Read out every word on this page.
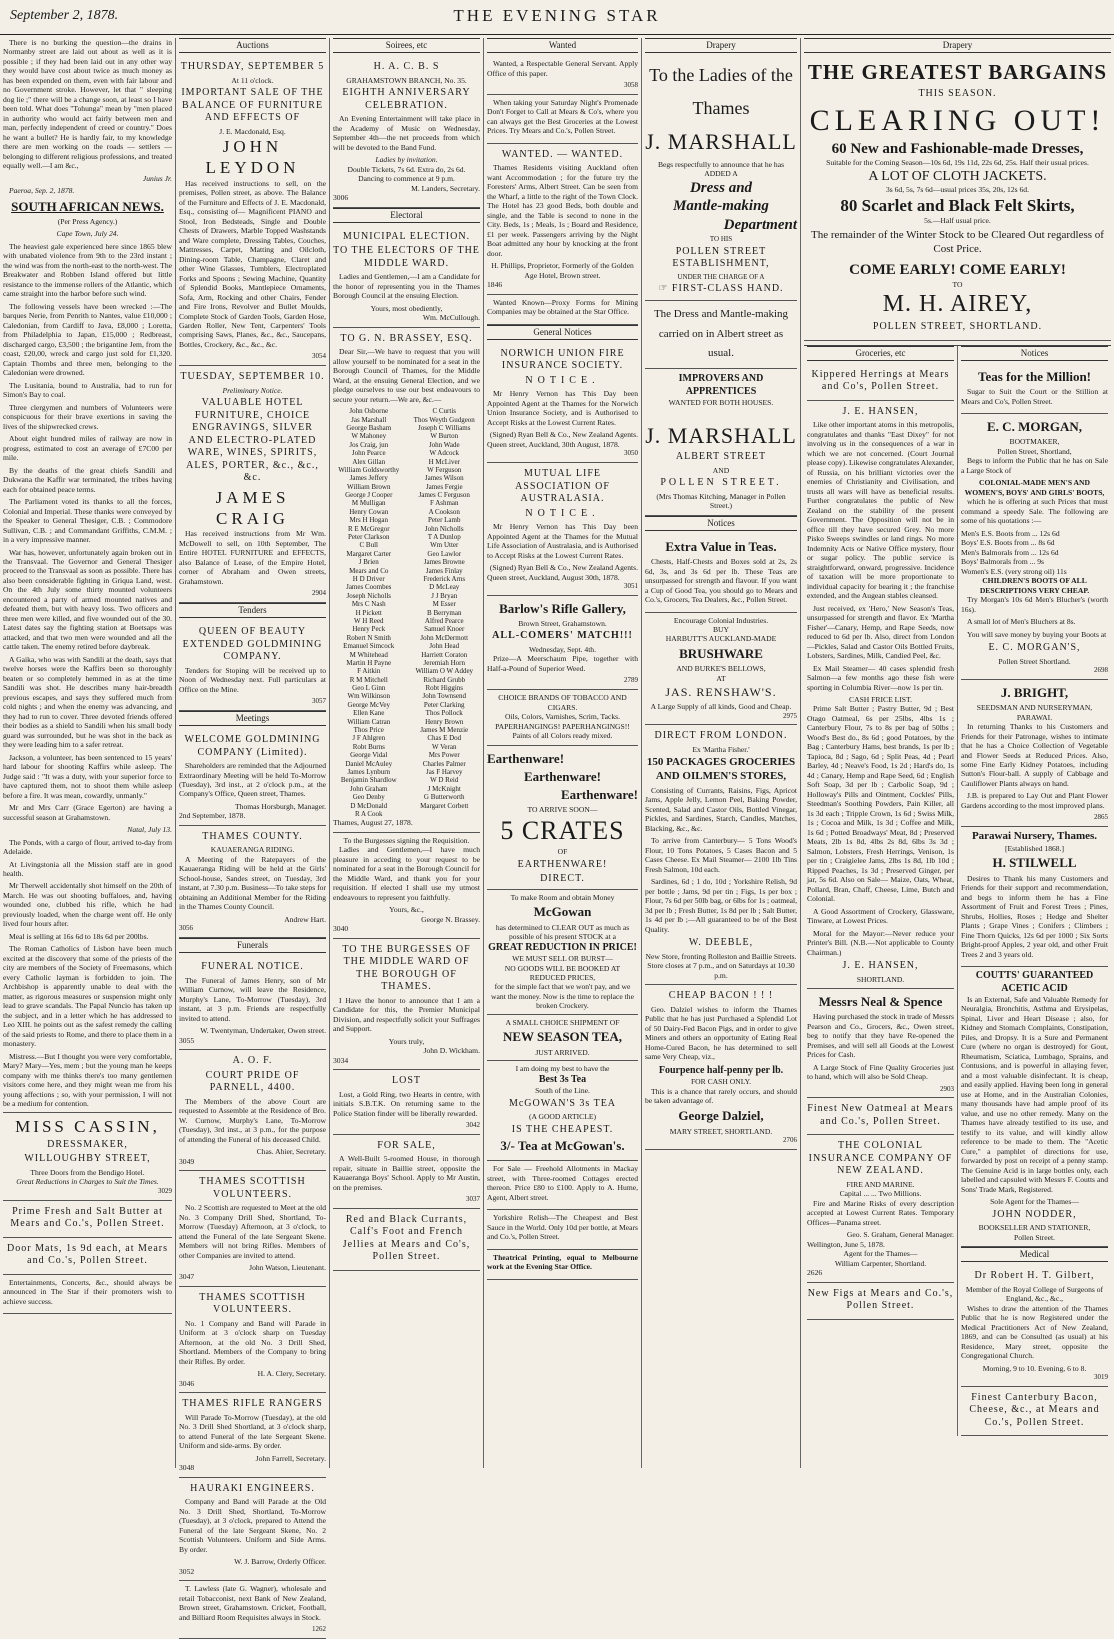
September 2, 1878.	THE EVENING STAR

There is no burking the question—the drains in Normanby street are laid out about as well as it is possible ; if they had been laid out in any other way they would have cost about twice as much money as has been expended on them, even with fair labour and no Government stroke. However, let that " sleeping dog lie ;" there will be a change soon, at least so I have been told. What does "Tohunga" mean by "men placed in authority who would act fairly between men and man, perfectly independent of creed or country." Does he want a bullet? He is hardly fair, to my knowledge there are men working on the roads — settlers — belonging to different religious professions, and treated equally well.—I am &c.,

Junius Jr.

Paeroa, Sep. 2, 1878.

SOUTH AFRICAN NEWS.

(Per Press Agency.)

Cape Town, July 24.

The heaviest gale experienced here since 1865 blew with unabated violence from 9th to the 23rd instant ; the wind was from the north-east to the north-west. The Breakwater and Robben Island offered but little resistance to the immense rollers of the Atlantic, which came straight into the harbor before such wind.

The following vessels have been wrecked :—The barques Nerie, from Penrith to Nantes, value £10,000 ; Caledonian, from Cardiff to Java, £8,000 ; Loretta, from Philadelphia to Japan, £15,000 ; Redbreast, discharged cargo, £3,500 ; the brigantine Jem, from the coast, £20,00, wreck and cargo just sold for £1,320. Captain Thombs and three men, belonging to the Caledonian were drowned.

The Lusitania, bound to Australia, had to run for Simon's Bay to coal.

Three clergymen and numbers of Volunteers were conspicuous for their brave exertions in saving the lives of the shipwrecked crews.

About eight hundred miles of railway are now in progress, estimated to cost an average of £7C00 per mile.

By the deaths of the great chiefs Sandili and Dukwana the Kaffir war terminated, the tribes having each for obtained peace terms.

The Parliament voted its thanks to all the forces, Colonial and Imperial. These thanks were conveyed by the Speaker to General Thesiger, C.B. ; Commodore Sullivan, C.B. ; and Commandant Griffiths, C.M.M. ; in a very impressive manner.

War has, however, unfortunately again broken out in the Transvaal. The Governor and General Thesiger proceed to the Transvaal as soon as possible. There has also been considerable fighting in Griqua Land, west. On the 4th July some thirty mounted volunteers encountered a party of armed mounted natives and defeated them, but with heavy loss. Two officers and three men were killed, and five wounded out of the 30. Latest dates say the fighting station at Boetsaps was attacked, and that two men were wounded and all the cattle taken. The enemy retired before daybreak.

A Gaika, who was with Sandili at the death, says that twelve horses were the Kaffirs been so thoroughly beaten or so completely hemmed in as at the time Sandili was shot. He describes many hair-breadth previous escapes, and says they suffered much from cold nights ; and when the enemy was advancing, and they had to run to cover. Three devoted friends offered their bodies as a shield to Sandili when his small body guard was surrounded, but he was shot in the back as they were leading him to a safer retreat.

Jackson, a volunteer, has been sentenced to 15 years' hard labour for shooting Kaffirs while asleep. The Judge said : "It was a duty, with your superior force to have captured them, not to shoot them while asleep before a fire. It was mean, cowardly, unmanly."

Mr and Mrs Carr (Grace Egerton) are having a successful season at Grahamstown.

Natal, July 13.

The Ponds, with a cargo of flour, arrived to-day from Adelaide.

At Livingstonia all the Mission staff are in good health.

Mr Therwell accidentally shot himself on the 20th of March. He was out shooting buffaloes, and, having wounded one, clubbed his rifle, which he had previously loaded, when the charge went off. He only lived four hours after.

Meal is selling at 16s 6d to 18s 6d per 200lbs.

The Roman Catholics of Lisbon have been much excited at the discovery that some of the priests of the city are members of the Society of Freemasons, which every Catholic layman is forbidden to join. The Archbishop is apparently unable to deal with the matter, as rigorous measures or suspension might only lead to grave scandals. The Papal Nuncio has taken up the subject, and in a letter which he has addressed to Leo XIII. he points out as the safest remedy the calling of the said priests to Rome, and there to place them in a monastery.

Mistress.—But I thought you were very comfortable, Mary? Mary—Yes, mem ; but the young man he keeps company with me thinks there's too many gentlemen visitors come here, and they might wean me from his young affections ; so, with your permission, I will not be a medium for contention.

MISS CASSIN,
DRESSMAKER,
WILLOUGHBY STREET,
Three Doors from the Bendigo Hotel.
Great Reductions in Charges to Suit the Times.
3029
Prime Fresh and Salt Butter at Mears and Co.'s, Pollen Street.
Door Mats, 1s 9d each, at Mears and Co.'s, Pollen Street.

Entertainments, Concerts, &c., should always be announced in The Star if their promoters wish to achieve success.

Auctions
THURSDAY, SEPTEMBER 5
At 11 o'clock.
IMPORTANT SALE OF THE BALANCE OF FURNITURE AND EFFECTS OF
J. E. Macdonald, Esq.
JOHN LEYDON

Has received instructions to sell, on the premises, Pollen street, as above. The Balance of the Furniture and Effects of J. E. Macdonald, Esq., consisting of— Magnificent PIANO and Stool, Iron Bedsteads, Single and Double Chests of Drawers, Marble Topped Washstands and Ware complete, Dressing Tables, Couches, Mattresses, Carpet, Matting and Oilcloth, Dining-room Table, Champagne, Claret and other Wine Glasses, Tumblers, Electroplated Forks and Spoons ; Sewing Machine, Quantity of Splendid Books, Mantlepiece Ornaments, Sofa, Arm, Rocking and other Chairs, Fender and Fire Irons, Revolver and Bullet Moulds, Complete Stock of Garden Tools, Garden Hose, Garden Roller, New Tent, Carpenters' Tools comprising Saws, Planes, &c., &c., Saucepans, Bottles, Crockery, &c., &c., &c.

3054
TUESDAY, SEPTEMBER 10.
Preliminary Notice.
VALUABLE HOTEL FURNITURE, CHOICE ENGRAVINGS, SILVER AND ELECTRO-PLATED WARE, WINES, SPIRITS, ALES, PORTER, &c., &c., &c.
JAMES CRAIG

Has received instructions from Mr Wm. McDowell to sell, on 10th September, The Entire HOTEL FURNITURE and EFFECTS, also Balance of Lease, of the Empire Hotel, corner of Abraham and Owen streets, Grahamstown.

2904
Tenders
QUEEN OF BEAUTY EXTENDED GOLDMINING COMPANY.

Tenders for Stoping will be received up to Noon of Wednesday next. Full particulars at Office on the Mine.

3057
Meetings
WELCOME GOLDMINING COMPANY (Limited).

Shareholders are reminded that the Adjourned Extraordinary Meeting will be held To-Morrow (Tuesday), 3rd inst., at 2 o'clock p.m., at the Company's Office, Queen street, Thames.

Thomas Horsburgh, Manager.
2nd September, 1878.
THAMES COUNTY.
KAUAERANGA RIDING.

A Meeting of the Ratepayers of the Kauaeranga Riding will be held at the Girls' School-house, Sandes street, on Tuesday, 3rd instant, at 7.30 p.m. Business—To take steps for obtaining an Additional Member for the Riding in the Thames County Council.

Andrew Hart.
3056
Funerals
FUNERAL NOTICE.

The Funeral of James Henry, son of Mr William Curnow, will leave the Residence, Murphy's Lane, To-Morrow (Tuesday), 3rd instant, at 3 p.m. Friends are respectfully invited to attend.

W. Twentyman, Undertaker, Owen street.
3055
A. O. F.
COURT PRIDE OF PARNELL, 4400.

The Members of the above Court are requested to Assemble at the Residence of Bro. W. Curnow, Murphy's Lane, To-Morrow (Tuesday), 3rd inst., at 3 p.m., for the purpose of attending the Funeral of his deceased Child.

Chas. Ahier, Secretary.
3049
THAMES SCOTTISH VOLUNTEERS.

No. 2 Scottish are requested to Meet at the old No. 3 Company Drill Shed, Shortland, To-Morrow (Tuesday) Afternoon, at 3 o'clock, to attend the Funeral of the late Sergeant Skene. Members will not bring Rifles. Members of other Companies are invited to attend.

John Watson, Lieutenant.
3047
THAMES SCOTTISH VOLUNTEERS.

No. 1 Company and Band will Parade in Uniform at 3 o'clock sharp on Tuesday Afternoon, at the old No. 3 Drill Shed, Shortland. Members of the Company to bring their Rifles. By order.

H. A. Clery, Secretary.
3046
THAMES RIFLE RANGERS

Will Parade To-Morrow (Tuesday), at the old No. 3 Drill Shed Shortland, at 3 o'clock sharp, to attend Funeral of the late Sergeant Skene. Uniform and side-arms. By order.

John Farrell, Secretary.
3048
HAURAKI ENGINEERS.

Company and Band will Parade at the Old No. 3 Drill Shed, Shortland, To-Morrow (Tuesday), at 3 o'clock, prepared to Attend the Funeral of the late Sergeant Skene, No. 2 Scottish Volunteers. Uniform and Side Arms. By order.

W. J. Barrow, Orderly Officer.
3052

T. Lawless (late G. Wagner), wholesale and retail Tobacconist, next Bank of New Zealand, Brown street, Grahamstown. Cricket, Football, and Billiard Room Requisites always in Stock.

1262
Soirees, etc
H. A. C. B. S
GRAHAMSTOWN BRANCH, No. 35.
EIGHTH ANNIVERSARY CELEBRATION.

An Evening Entertainment will take place in the Academy of Music on Wednesday, September 4th—the net proceeds from which will be devoted to the Band Fund.

Ladies by invitation.
Double Tickets, 7s 6d. Extra do, 2s 6d.
Dancing to commence at 9 p.m.
M. Landers, Secretary.
3006
Electoral
MUNICIPAL ELECTION.
TO THE ELECTORS OF THE MIDDLE WARD.

Ladies and Gentlemen,—I am a Candidate for the honor of representing you in the Thames Borough Council at the ensuing Election.

Yours, most obediently,
Wm. McCullough.
TO G. N. BRASSEY, ESQ.

Dear Sir,—We have to request that you will allow yourself to be nominated for a seat in the Borough Council of Thames, for the Middle Ward, at the ensuing General Election, and we pledge ourselves to use our best endeavours to secure your return.—We are, &c.—

John Osborne
Jas Marshall
George Basham
W Mahoney
Jos Craig, jun
John Pearce
Alex Gillan
William Goldsworthy
James Jeffery
William Brown
George J Cooper
M Mulligan
Henry Cowan
Mrs H Hogan
R E McGregor
Peter Clarkson
C Bull
Margaret Carter
J Brien
Mears and Co
H D Driver
James Coombes
Joseph Nicholls
Mrs C Nash
H Pickett
W H Reed
Henry Peck
Robert N Smith
Emanuel Simcock
M Whitehead
Martin H Payne
F Aitkin
R M Mitchell
Geo L Ginn
Wm Wilkinson
George McVey
Ellen Kane
William Catran
Thos Price
J F Ahlgren
Robt Burns
George Vidal
Daniel McAuley
James Lynburn
Benjamin Shardlow
John Graham
Geo Denby
D McDonald
R A Cook
C Curtis
Thos Weyth Gudgeon
Joseph C Williams
W Burton
John Wade
W Adcock
H McLiver
W Ferguson
James Wilson
James Fergie
James C Ferguson
F Ashman
A Cookson
Peter Lamb
John Nicholls
T A Dunlop
Wm Utter
Geo Lawlor
James Browne
James Finlay
Frederick Arns
D McLeay
J J Bryan
M Esser
B Berryman
Alfred Pearce
Samuel Knoer
John McDermott
John Head
Harriett Coraton
Jeremiah Horn
William O W Addey
Richard Grubb
Robt Higgins
John Townsend
Peter Clarking
Thos Pollock
Henry Brown
James M Menzie
Chas E Dod
W Veran
Mrs Power
Charles Palmer
Jas F Harvey
W D Reid
J McKnight
G Butterworth
Margaret Corbett
Thames, August 27, 1878.
To the Burgesses signing the Requisition.

Ladies and Gentlemen,—I have much pleasure in acceding to your request to be nominated for a seat in the Borough Council for the Middle Ward, and thank you for your requisition. If elected I shall use my utmost endeavours to represent you faithfully.

Yours, &c.,
George N. Brassey.
3040
TO THE BURGESSES OF THE MIDDLE WARD OF THE BOROUGH OF THAMES.

I Have the honor to announce that I am a Candidate for this, the Premier Municipal Division, and respectfully solicit your Suffrages and Support.

Yours truly,
John D. Wickham.
3034
LOST

Lost, a Gold Ring, two Hearts in centre, with initials S.B.T.K. On returning same to the Police Station finder will be liberally rewarded.

3042
FOR SALE,

A Well-Built 5-roomed House, in thorough repair, situate in Baillie street, opposite the Kauaeranga Boys' School. Apply to Mr Austin, on the premises.

3037
Red and Black Currants, Calf's Foot and French Jellies at Mears and Co's, Pollen Street.
Wanted

Wanted, a Respectable General Servant. Apply Office of this paper.

3058

When taking your Saturday Night's Promenade Don't Forget to Call at Mears & Co's, where you can always get the Best Groceries at the Lowest Prices. Try Mears and Co.'s, Pollen Street.

WANTED. — WANTED.

Thames Residents visiting Auckland often want Accommodation ; for the future try the Foresters' Arms, Albert Street. Can be seen from the Wharf, a little to the right of the Town Clock. The Hotel has 23 good Beds, both double and single, and the Table is second to none in the City. Beds, 1s ; Meals, 1s ; Board and Residence, £1 per week. Passengers arriving by the Night Boat admitted any hour by knocking at the front door.

H. Phillips, Proprietor, Formerly of the Golden Age Hotel, Brown street.
1846

Wanted Known—Proxy Forms for Mining Companies may be obtained at the Star Office.

General Notices
NORWICH UNION FIRE INSURANCE SOCIETY.
NOTICE.

Mr Henry Vernon has This Day been Appointed Agent at the Thames for the Norwich Union Insurance Society, and is Authorised to Accept Risks at the Lowest Current Rates.

(Signed) Ryan Bell & Co., New Zealand Agents.
Queen street, Auckland, 30th August, 1878.
3050
MUTUAL LIFE ASSOCIATION OF AUSTRALASIA.
NOTICE.

Mr Henry Vernon has This Day been Appointed Agent at the Thames for the Mutual Life Association of Australasia, and is Authorised to Accept Risks at the Lowest Current Rates.

(Signed) Ryan Bell & Co., New Zealand Agents.
Queen street, Auckland, August 30th, 1878.
3051
Barlow's Rifle Gallery,
Brown Street, Grahamstown.
ALL-COMERS' MATCH!!!
Wednesday, Sept. 4th.

Prize—A Meerschaum Pipe, together with Half-a-Pound of Superior Weed.

2789
CHOICE BRANDS OF TOBACCO AND CIGARS.
Oils, Colors, Varnishes, Scrim, Tacks.
PAPERHANGINGS! PAPERHANGINGS!!
Paints of all Colors ready mixed.
Earthenware!
Earthenware!
Earthenware!
TO ARRIVE SOON—
5 CRATES
OF
EARTHENWARE!
DIRECT.
To make Room and obtain Money
McGowan
has determined to CLEAR OUT as much as possible of his present STOCK at a
GREAT REDUCTION IN PRICE!
WE MUST SELL OR BURST—
NO GOODS WILL BE BOOKED AT REDUCED PRICES,
for the simple fact that we won't pay, and we want the money. Now is the time to replace the broken Crockery.
A SMALL CHOICE SHIPMENT OF
NEW SEASON TEA,
JUST ARRIVED.
I am doing my best to have the
Best 3s Tea
South of the Line.
McGOWAN'S 3s TEA
(A GOOD ARTICLE)
IS THE CHEAPEST.
3/- Tea at McGowan's.

For Sale — Freehold Allotments in Mackay street, with Three-roomed Cottages erected thereon. Price £80 to £100. Apply to A. Hume, Agent, Albert street.

Yorkshire Relish—The Cheapest and Best Sauce in the World. Only 10d per bottle, at Mears and Co.'s, Pollen Street.

Theatrical Printing, equal to Melbourne work at the Evening Star Office.

Drapery
To the Ladies of the Thames
J. MARSHALL
Begs respectfully to announce that he has
ADDED A
Dress and
Mantle-making
Department
TO HIS
POLLEN STREET ESTABLISHMENT,
UNDER THE CHARGE OF A
☞ FIRST-CLASS HAND.
The Dress and Mantle-making carried on in Albert street as usual.
IMPROVERS AND APPRENTICES
WANTED FOR BOTH HOUSES.
J. MARSHALL
ALBERT STREET
AND
POLLEN STREET.
(Mrs Thomas Kitching, Manager in Pollen Street.)
Notices
Extra Value in Teas.

Chests, Half-Chests and Boxes sold at 2s, 2s 6d, 3s, and 3s 6d per lb. These Teas are unsurpassed for strength and flavour. If you want a Cup of Good Tea, you should go to Mears and Co.'s, Grocers, Tea Dealers, &c., Pollen Street.

Encourage Colonial Industries.
BUY
HARBUTT'S AUCKLAND-MADE
BRUSHWARE
AND BURKE'S BELLOWS,
AT
JAS. RENSHAW'S.
A Large Supply of all kinds, Good and Cheap.
2975
DIRECT FROM LONDON.
Ex 'Martha Fisher.'
150 PACKAGES GROCERIES AND OILMEN'S STORES,

Consisting of Currants, Raisins, Figs, Apricot Jams, Apple Jelly, Lemon Peel, Baking Powder, Scented, Salad and Castor Oils, Bottled Vinegar, Pickles, and Sardines, Starch, Candles, Matches, Blacking, &c., &c.

To arrive from Canterbury— 5 Tons Wood's Flour, 10 Tons Potatoes, 5 Cases Bacon and 5 Cases Cheese. Ex Mail Steamer— 2100 1lb Tins Fresh Salmon, 10d each.

Sardines, 6d ; 1 do, 10d ; Yorkshire Relish, 9d per bottle ; Jams, 9d per tin ; Figs, 1s per box ; Flour, 7s 6d per 50lb bag, or 6lbs for 1s ; oatmeal, 3d per lb ; Fresh Butter, 1s 8d per lb ; Salt Butter, 1s 4d per lb ;—All guaranteed to be of the Best Quality.

W. DEEBLE,
New Store, fronting Rolleston and Baillie Streets.
Store closes at 7 p.m., and on Saturdays at 10.30 p.m.
CHEAP BACON ! ! !

Geo. Dalziel wishes to inform the Thames Public that he has just Purchased a Splendid Lot of 50 Dairy-Fed Bacon Pigs, and in order to give Miners and others an opportunity of Eating Real Home-Cured Bacon, he has determined to sell same Very Cheap, viz.,

Fourpence half-penny per lb.
FOR CASH ONLY.

This is a chance that rarely occurs, and should be taken advantage of.

George Dalziel,
MARY STREET, SHORTLAND.
2706
Drapery
THE GREATEST BARGAINS
THIS SEASON.
CLEARING OUT!
60 New and Fashionable-made Dresses,
Suitable for the Coming Season—10s 6d, 19s 11d, 22s 6d, 25s. Half their usual prices.
A LOT OF CLOTH JACKETS.
3s 6d, 5s, 7s 6d—usual prices 35s, 20s, 12s 6d.
80 Scarlet and Black Felt Skirts,
5s.—Half usual price.
The remainder of the Winter Stock to be Cleared Out regardless of Cost Price.
COME EARLY! COME EARLY!
TO
M. H. AIREY,
POLLEN STREET, SHORTLAND.
Groceries, etc
Kippered Herrings at Mears and Co's, Pollen Street.
J. E. HANSEN,

Like other important atoms in this metropolis, congratulates and thanks "East Dixey" for not involving us in the consequences of a war in which we are not concerned. (Court Journal please copy). Likewise congratulates Alexander, of Russia, on his brilliant victories over the enemies of Christianity and Civilisation, and trusts all wars will have as beneficial results. Further congratulates the public of New Zealand on the stability of the present Government. The Opposition will not be in office till they have secured Grey. No more Pisko Sweeps swindles or land rings. No more Indemnity Acts or Native Office mystery, flour or sugar policy. The public service is straightforward, onward, progressive. Incidence of taxation will be more proportionate to individual capacity for bearing it ; the franchise extended, and the Augean stables cleansed.

Just received, ex 'Hero,' New Season's Teas, unsurpassed for strength and flavor. Ex 'Martha Fisher'—Canary, Hemp, and Rape Seeds, now reduced to 6d per lb. Also, direct from London—Pickles, Salad and Castor Oils Bottled Fruits, Lobsters, Sardines, Milk, Candied Peel, &c.

Ex Mail Steamer— 40 cases splendid fresh Salmon—a few months ago these fish were sporting in Columbia River—now 1s per tin.

CASH FRICE LIST.

Prime Salt Butter ; Pastry Butter, 9d ; Best Otago Oatmeal, 6s per 25lbs, 4lbs 1s ; Canterbury Flour, 7s to 8s per bag of 50lbs ; Wood's Best do., 8s 6d ; good Potatoes, by the Bag ; Canterbury Hams, best brands, 1s per lb ; Tapioca, 8d ; Sago, 6d ; Split Peas, 4d ; Pearl Barley, 4d ; Neave's Food, 1s 2d ; Hard's do, 1s 4d ; Canary, Hemp and Rape Seed, 6d ; English Soft Soap, 3d per lb ; Carbolic Soap, 9d ; Holloway's Pills and Ointment, Cockles' Pills, Steedman's Soothing Powders, Pain Killer, all 1s 3d each ; Tripple Crown, 1s 6d ; Swiss Milk, 1s ; Cocoa and Milk, 1s 3d ; Coffee and Milk, 1s 6d ; Potted Broadways' Meat, 8d ; Preserved Meats, 2lb 1s 8d, 4lbs 2s 8d, 6lbs 3s 3d ; Salmon, Lobsters, Fresh Herrings, Venison, 1s per tin ; Craigielee Jams, 2lbs 1s 8d, 1lb 10d ; Ripped Peaches, 1s 3d ; Preserved Ginger, per jar, 5s 6d. Also on Sale— Maize, Oats, Wheat, Pollard, Bran, Chaff, Cheese, Lime, Butch and Colonial.

A Good Assortment of Crockery, Glassware, Tinware, at Lowest Prices.

Moral for the Mayor:—Never reduce your Printer's Bill. (N.B.—Not applicable to County Chairman.)

J. E. HANSEN,
SHORTLAND.
Messrs Neal & Spence

Having purchased the stock in trade of Messrs Pearson and Co., Grocers, &c., Owen street, beg to notify that they have Re-opened the Premises, and will sell all Goods at the Lowest Prices for Cash.

A Large Stock of Fine Quality Groceries just to hand, which will also be Sold Cheap.

2903
Finest New Oatmeal at Mears and Co.'s, Pollen Street.
THE COLONIAL INSURANCE COMPANY OF NEW ZEALAND.
FIRE AND MARINE.
Capital ... ... Two Millions.

Fire and Marine Risks of every description accepted at Lowest Current Rates. Temporary Offices—Panama street.

Geo. S. Graham, General Manager.
Wellington, June 5, 1878.
Agent for the Thames—
William Carpenter, Shortland.
2626
New Figs at Mears and Co.'s, Pollen Street.
Notices
Teas for the Million!

Sugar to Suit the Court or the Stillion at Mears and Co's, Pollen Street.

E. C. MORGAN,
BOOTMAKER,
Pollen Street, Shortland,

Begs to inform the Public that he has on Sale a Large Stock of

COLONIAL-MADE MEN'S AND WOMEN'S, BOYS' AND GIRLS' BOOTS,

which he is offering at such Prices that must command a speedy Sale. The following are some of his quotations :—

Men's E.S. Boots from ... 12s 6d
Boys' E.S. Boots from ... 8s 6d
Men's Balmorals from ... 12s 6d
Boys' Balmorals from ... 9s
Women's E.S. (very strong oil) 11s
CHILDREN'S BOOTS OF ALL DESCRIPTIONS VERY CHEAP.

Try Morgan's 10s 6d Men's Blucher's (worth 16s).

A small lot of Men's Bluchers at 8s.

You will save money by buying your Boots at

E. C. MORGAN'S,
Pollen Street Shortland.
2698
J. BRIGHT,
SEEDSMAN AND NURSERYMAN,
PARAWAI.

In returning Thanks to his Customers and Friends for their Patronage, wishes to intimate that he has a Choice Collection of Vegetable and Flower Seeds at Reduced Prices. Also, some Fine Early Kidney Potatoes, including Sutton's Flour-ball. A supply of Cabbage and Cauliflower Plants always on hand.

J.B. is prepared to Lay Out and Plant Flower Gardens according to the most improved plans.

2865
Parawai Nursery, Thames.
[Established 1868.]
H. STILWELL

Desires to Thank his many Customers and Friends for their support and recommendation, and begs to inform them he has a Fine Assortment of Fruit and Forest Trees ; Pines, Shrubs, Hollies, Roses ; Hedge and Shelter Plants ; Grape Vines ; Conifers ; Climbers ; Fine Thorn Quicks, 12s 6d per 1000 ; Six Sorts Bright-proof Apples, 2 year old, and other Fruit Trees 2 and 3 years old.

COUTTS' GUARANTEED ACETIC ACID

Is an External, Safe and Valuable Remedy for Neuralgia, Bronchitis, Asthma and Erysipelas, Spinal, Liver and Heart Disease ; also, for Kidney and Stomach Complaints, Constipation, Piles, and Dropsy. It is a Sure and Permanent Cure (where no organ is destroyed) for Gout, Rheumatism, Sciatica, Lumbago, Sprains, and Contusions, and is powerful in allaying fever, and a most valuable disinfectant. It is cheap, and easily applied. Having been long in general use at Home, and in the Australian Colonies, many thousands have had ample proof of its value, and use no other remedy. Many on the Thames have already testified to its use, and testify to its value, and will kindly allow reference to be made to them. The "Acetic Cure," a pamphlet of directions for use, forwarded by post on receipt of a penny stamp. The Genuine Acid is in large bottles only, each labelled and capsuled with Messrs F. Coutts and Sons' Trade Mark, Registered.

Sole Agent for the Thames—
JOHN NODDER,
BOOKSELLER AND STATIONER,
Pollen Street.
Medical
Dr Robert H. T. Gilbert,
Member of the Royal College of Surgeons of England, &c., &c.,

Wishes to draw the attention of the Thames Public that he is now Registered under the Medical Practitioners Act of New Zealand, 1869, and can be Consulted (as usual) at his Residence, Mary street, opposite the Congregational Church.

Morning, 9 to 10. Evening, 6 to 8.
3019
Finest Canterbury Bacon, Cheese, &c., at Mears and Co.'s, Pollen Street.
